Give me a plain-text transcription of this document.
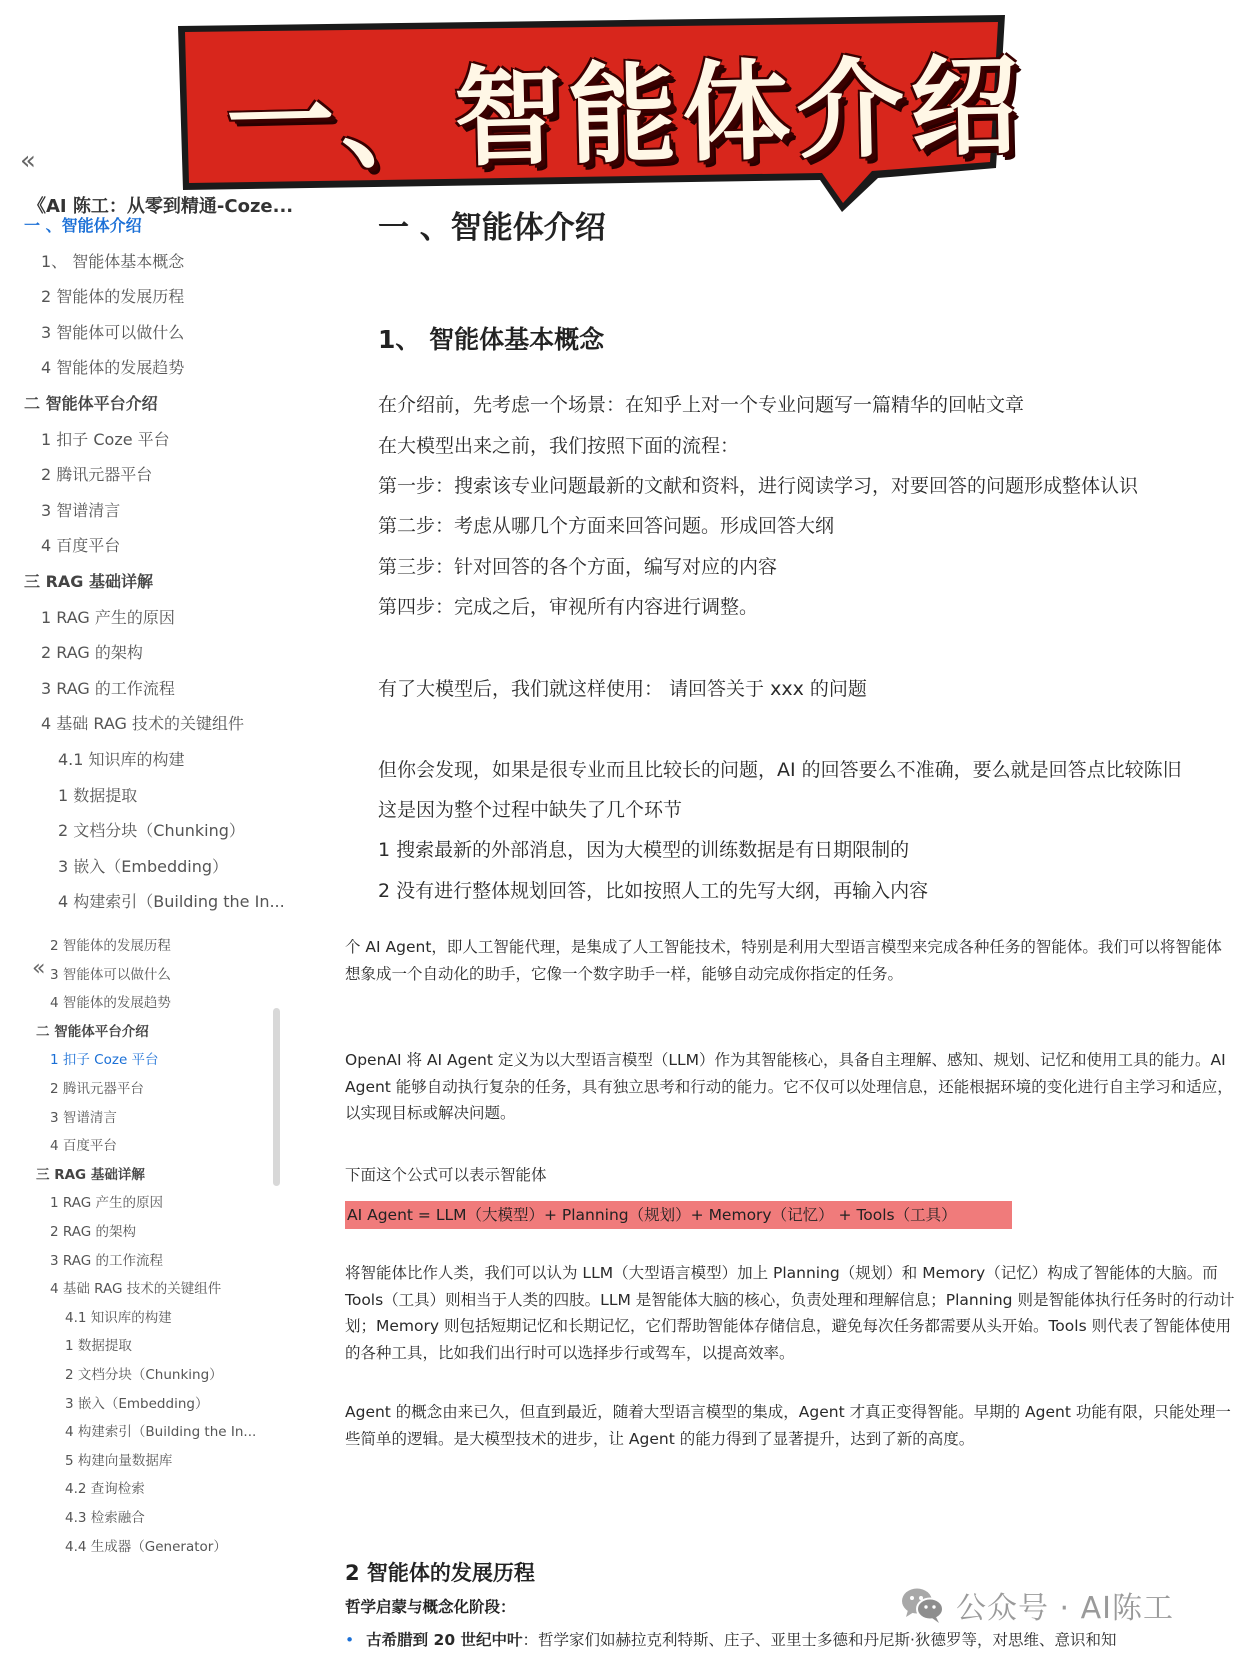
一、智能体介绍
«
《AI 陈工：从零到精通-Coze...
一 、智能体介绍
1、 智能体基本概念
2 智能体的发展历程
3 智能体可以做什么
4 智能体的发展趋势
二 智能体平台介绍
1 扣子 Coze 平台
2 腾讯元器平台
3 智谱清言
4 百度平台
三 RAG 基础详解
1 RAG 产生的原因
2 RAG 的架构
3 RAG 的工作流程
4 基础 RAG 技术的关键组件
4.1 知识库的构建
1 数据提取
2 文档分块（Chunking）
3 嵌入（Embedding）
4 构建索引（Building the In...
一 、智能体介绍
1、 智能体基本概念
在介绍前，先考虑一个场景：在知乎上对一个专业问题写一篇精华的回帖文章
在大模型出来之前，我们按照下面的流程：
第一步：搜索该专业问题最新的文献和资料，进行阅读学习，对要回答的问题形成整体认识
第二步：考虑从哪几个方面来回答问题。形成回答大纲
第三步：针对回答的各个方面，编写对应的内容
第四步：完成之后，审视所有内容进行调整。
有了大模型后，我们就这样使用： 请回答关于 xxx 的问题
但你会发现，如果是很专业而且比较长的问题，AI 的回答要么不准确，要么就是回答点比较陈旧
这是因为整个过程中缺失了几个环节
1 搜索最新的外部消息，因为大模型的训练数据是有日期限制的
2 没有进行整体规划回答，比如按照人工的先写大纲，再输入内容
«
2 智能体的发展历程
3 智能体可以做什么
4 智能体的发展趋势
二 智能体平台介绍
1 扣子 Coze 平台
2 腾讯元器平台
3 智谱清言
4 百度平台
三 RAG 基础详解
1 RAG 产生的原因
2 RAG 的架构
3 RAG 的工作流程
4 基础 RAG 技术的关键组件
4.1 知识库的构建
1 数据提取
2 文档分块（Chunking）
3 嵌入（Embedding）
4 构建索引（Building the In...
5 构建向量数据库
4.2 查询检索
4.3 检索融合
4.4 生成器（Generator）
个 AI Agent，即人工智能代理，是集成了人工智能技术，特别是利用大型语言模型来完成各种任务的智能体。我们可以将智能体想象成一个自动化的助手，它像一个数字助手一样，能够自动完成你指定的任务。
OpenAI 将 AI Agent 定义为以大型语言模型（LLM）作为其智能核心，具备自主理解、感知、规划、记忆和使用工具的能力。AI Agent 能够自动执行复杂的任务，具有独立思考和行动的能力。它不仅可以处理信息，还能根据环境的变化进行自主学习和适应，以实现目标或解决问题。
下面这个公式可以表示智能体
AI Agent = LLM（大模型）+ Planning（规划）+ Memory（记忆） + Tools（工具）
将智能体比作人类，我们可以认为 LLM（大型语言模型）加上 Planning（规划）和 Memory（记忆）构成了智能体的大脑。而 Tools（工具）则相当于人类的四肢。LLM 是智能体大脑的核心，负责处理和理解信息；Planning 则是智能体执行任务时的行动计划；Memory 则包括短期记忆和长期记忆，它们帮助智能体存储信息，避免每次任务都需要从头开始。Tools 则代表了智能体使用的各种工具，比如我们出行时可以选择步行或驾车，以提高效率。
Agent 的概念由来已久，但直到最近，随着大型语言模型的集成，Agent 才真正变得智能。早期的 Agent 功能有限，只能处理一些简单的逻辑。是大模型技术的进步，让 Agent 的能力得到了显著提升，达到了新的高度。
2 智能体的发展历程
哲学启蒙与概念化阶段：
• 古希腊到 20 世纪中叶：哲学家们如赫拉克利特斯、庄子、亚里士多德和丹尼斯·狄德罗等，对思维、意识和知
公众号 · AI陈工
